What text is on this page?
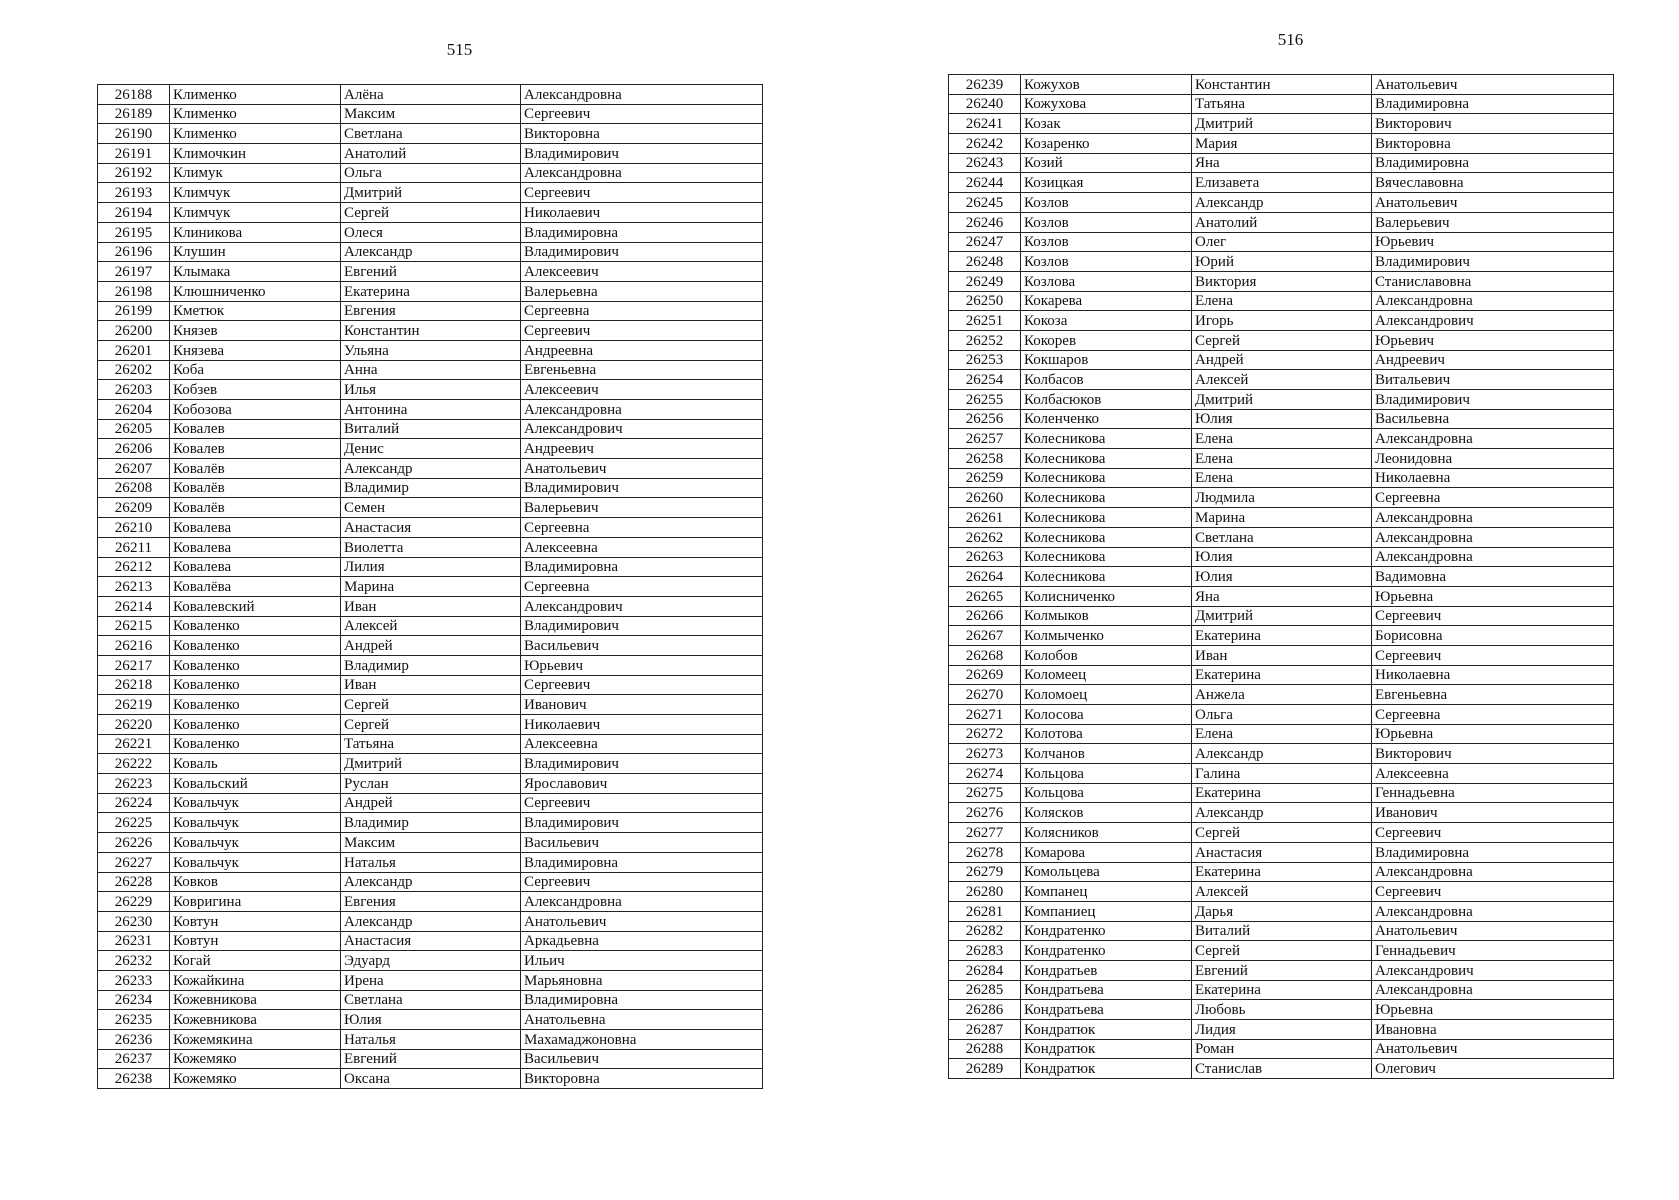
515
26188	Клименко	Алёна	Александровна
26189	Клименко	Максим	Сергеевич
26190	Клименко	Светлана	Викторовна
26191	Климочкин	Анатолий	Владимирович
26192	Климук	Ольга	Александровна
26193	Климчук	Дмитрий	Сергеевич
26194	Климчук	Сергей	Николаевич
26195	Клиникова	Олеся	Владимировна
26196	Клушин	Александр	Владимирович
26197	Клымака	Евгений	Алексеевич
26198	Клюшниченко	Екатерина	Валерьевна
26199	Кметюк	Евгения	Сергеевна
26200	Князев	Константин	Сергеевич
26201	Князева	Ульяна	Андреевна
26202	Коба	Анна	Евгеньевна
26203	Кобзев	Илья	Алексеевич
26204	Кобозова	Антонина	Александровна
26205	Ковалев	Виталий	Александрович
26206	Ковалев	Денис	Андреевич
26207	Ковалёв	Александр	Анатольевич
26208	Ковалёв	Владимир	Владимирович
26209	Ковалёв	Семен	Валерьевич
26210	Ковалева	Анастасия	Сергеевна
26211	Ковалева	Виолетта	Алексеевна
26212	Ковалева	Лилия	Владимировна
26213	Ковалёва	Марина	Сергеевна
26214	Ковалевский	Иван	Александрович
26215	Коваленко	Алексей	Владимирович
26216	Коваленко	Андрей	Васильевич
26217	Коваленко	Владимир	Юрьевич
26218	Коваленко	Иван	Сергеевич
26219	Коваленко	Сергей	Иванович
26220	Коваленко	Сергей	Николаевич
26221	Коваленко	Татьяна	Алексеевна
26222	Коваль	Дмитрий	Владимирович
26223	Ковальский	Руслан	Ярославович
26224	Ковальчук	Андрей	Сергеевич
26225	Ковальчук	Владимир	Владимирович
26226	Ковальчук	Максим	Васильевич
26227	Ковальчук	Наталья	Владимировна
26228	Ковков	Александр	Сергеевич
26229	Ковригина	Евгения	Александровна
26230	Ковтун	Александр	Анатольевич
26231	Ковтун	Анастасия	Аркадьевна
26232	Когай	Эдуард	Ильич
26233	Кожайкина	Ирена	Марьяновна
26234	Кожевникова	Светлана	Владимировна
26235	Кожевникова	Юлия	Анатольевна
26236	Кожемякина	Наталья	Махамаджоновна
26237	Кожемяко	Евгений	Васильевич
26238	Кожемяко	Оксана	Викторовна
516
26239	Кожухов	Константин	Анатольевич
26240	Кожухова	Татьяна	Владимировна
26241	Козак	Дмитрий	Викторович
26242	Козаренко	Мария	Викторовна
26243	Козий	Яна	Владимировна
26244	Козицкая	Елизавета	Вячеславовна
26245	Козлов	Александр	Анатольевич
26246	Козлов	Анатолий	Валерьевич
26247	Козлов	Олег	Юрьевич
26248	Козлов	Юрий	Владимирович
26249	Козлова	Виктория	Станиславовна
26250	Кокарева	Елена	Александровна
26251	Кокоза	Игорь	Александрович
26252	Кокорев	Сергей	Юрьевич
26253	Кокшаров	Андрей	Андреевич
26254	Колбасов	Алексей	Витальевич
26255	Колбасюков	Дмитрий	Владимирович
26256	Коленченко	Юлия	Васильевна
26257	Колесникова	Елена	Александровна
26258	Колесникова	Елена	Леонидовна
26259	Колесникова	Елена	Николаевна
26260	Колесникова	Людмила	Сергеевна
26261	Колесникова	Марина	Александровна
26262	Колесникова	Светлана	Александровна
26263	Колесникова	Юлия	Александровна
26264	Колесникова	Юлия	Вадимовна
26265	Колисниченко	Яна	Юрьевна
26266	Колмыков	Дмитрий	Сергеевич
26267	Колмыченко	Екатерина	Борисовна
26268	Колобов	Иван	Сергеевич
26269	Коломеец	Екатерина	Николаевна
26270	Коломоец	Анжела	Евгеньевна
26271	Колосова	Ольга	Сергеевна
26272	Колотова	Елена	Юрьевна
26273	Колчанов	Александр	Викторович
26274	Кольцова	Галина	Алексеевна
26275	Кольцова	Екатерина	Геннадьевна
26276	Коляскoв	Александр	Иванович
26277	Колясников	Сергей	Сергеевич
26278	Комарова	Анастасия	Владимировна
26279	Комольцева	Екатерина	Александровна
26280	Компанец	Алексей	Сергеевич
26281	Компаниец	Дарья	Александровна
26282	Кондратенко	Виталий	Анатольевич
26283	Кондратенко	Сергей	Геннадьевич
26284	Кондратьев	Евгений	Александрович
26285	Кондратьева	Екатерина	Александровна
26286	Кондратьева	Любовь	Юрьевна
26287	Кондратюк	Лидия	Ивановна
26288	Кондратюк	Роман	Анатольевич
26289	Кондратюк	Станислав	Олегович
